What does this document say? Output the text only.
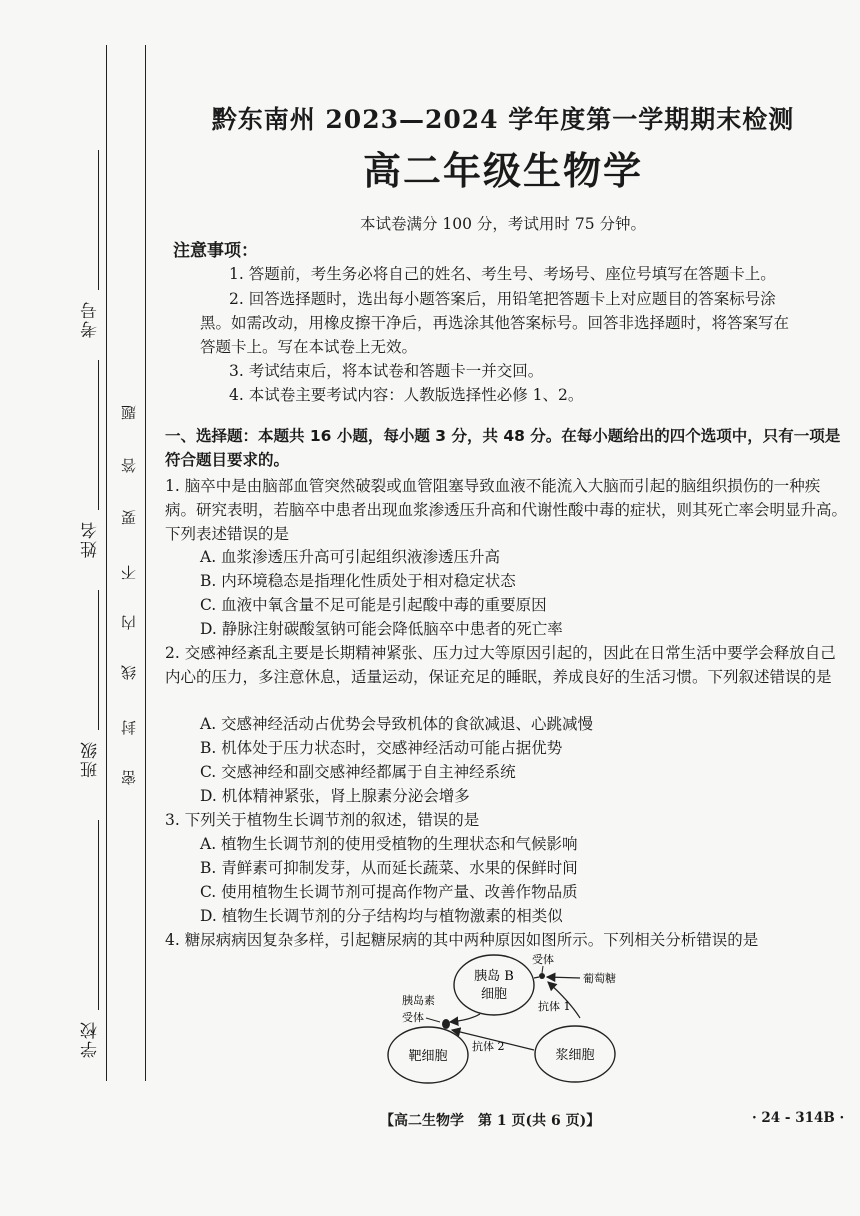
考号
姓名
班级
学校
密
封
线
内
不
要
答
题
黔东南州 2023—2024 学年度第一学期期末检测
高二年级生物学
本试卷满分 100 分，考试用时 75 分钟。
注意事项：
1. 答题前，考生务必将自己的姓名、考生号、考场号、座位号填写在答题卡上。
2. 回答选择题时，选出每小题答案后，用铅笔把答题卡上对应题目的答案标号涂
黑。如需改动，用橡皮擦干净后，再选涂其他答案标号。回答非选择题时，将答案写在
答题卡上。写在本试卷上无效。
3. 考试结束后，将本试卷和答题卡一并交回。
4. 本试卷主要考试内容：人教版选择性必修 1、2。
一、选择题：本题共 16 小题，每小题 3 分，共 48 分。在每小题给出的四个选项中，只有一项是符合题目要求的。
1. 脑卒中是由脑部血管突然破裂或血管阻塞导致血液不能流入大脑而引起的脑组织损伤的一种疾病。研究表明，若脑卒中患者出现血浆渗透压升高和代谢性酸中毒的症状，则其死亡率会明显升高。下列表述错误的是
A. 血浆渗透压升高可引起组织液渗透压升高
B. 内环境稳态是指理化性质处于相对稳定状态
C. 血液中氧含量不足可能是引起酸中毒的重要原因
D. 静脉注射碳酸氢钠可能会降低脑卒中患者的死亡率
2. 交感神经紊乱主要是长期精神紧张、压力过大等原因引起的，因此在日常生活中要学会释放自己内心的压力，多注意休息，适量运动，保证充足的睡眠，养成良好的生活习惯。下列叙述错误的是
A. 交感神经活动占优势会导致机体的食欲减退、心跳减慢
B. 机体处于压力状态时，交感神经活动可能占据优势
C. 交感神经和副交感神经都属于自主神经系统
D. 机体精神紧张，肾上腺素分泌会增多
3. 下列关于植物生长调节剂的叙述，错误的是
A. 植物生长调节剂的使用受植物的生理状态和气候影响
B. 青鲜素可抑制发芽，从而延长蔬菜、水果的保鲜时间
C. 使用植物生长调节剂可提高作物产量、改善作物品质
D. 植物生长调节剂的分子结构均与植物激素的相类似
4. 糖尿病病因复杂多样，引起糖尿病的其中两种原因如图所示。下列相关分析错误的是
胰岛 B
细胞
受体
葡萄糖
抗体 1
胰岛素
受体
靶细胞
抗体 2
浆细胞
【高二生物学　第 1 页(共 6 页)】	· 24 - 314B ·
